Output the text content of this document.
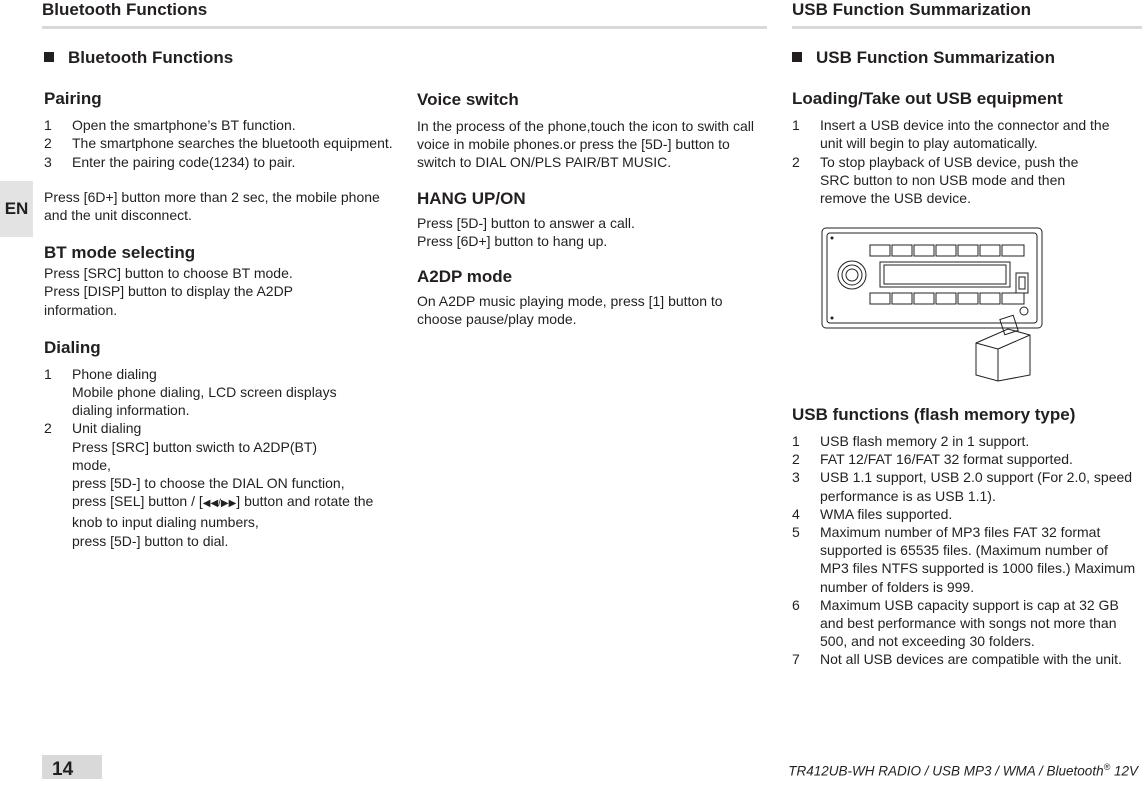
Bluetooth Functions	USB Function Summarization
EN
Bluetooth Functions
Pairing
1	Open the smartphone’s BT function.
2	The smartphone searches the bluetooth equipment.
3	Enter the pairing code(1234) to pair.

Press [6D+] button more than 2 sec, the mobile phone and the unit disconnect.

BT mode selecting

Press [SRC] button to choose BT mode.

Press [DISP] button to display the A2DP information.

Dialing
1	Phone dialing
Mobile phone dialing, LCD screen displays dialing information.
2	Unit dialing
Press [SRC] button swicth to A2DP(BT) mode,
press [5D-] to choose the DIAL ON function,
press [SEL] button / [◀◀/▶▶] button and rotate the knob to input dialing numbers,
press [5D-] button to dial.
Voice switch

In the process of the phone,touch the icon to swith call voice in mobile phones.or press the [5D-] button to switch to DIAL ON/PLS PAIR/BT MUSIC.

HANG UP/ON

Press [5D-] button to answer a call.

Press [6D+] button to hang up.

A2DP mode

On A2DP music playing mode, press [1] button to choose pause/play mode.

USB Function Summarization
Loading/Take out USB equipment
1	Insert a USB device into the connector and the unit will begin to play automatically.
2	To stop playback of USB device, push the SRC button to non USB mode and then remove the USB device.
USB functions (flash memory type)
1	USB flash memory 2 in 1 support.
2	FAT 12/FAT 16/FAT 32 format supported.
3	USB 1.1 support, USB 2.0 support (For 2.0, speed performance is as USB 1.1).
4	WMA files supported.
5	Maximum number of MP3 files FAT 32 format supported is 65535 files. (Maximum number of MP3 files NTFS supported is 1000 files.) Maximum number of folders is 999.
6	Maximum USB capacity support is cap at 32 GB and best performance with songs not more than 500, and not exceeding 30 folders.
7	Not all USB devices are compatible with the unit.
14	TR412UB-WH RADIO / USB MP3 / WMA / Bluetooth® 12V
